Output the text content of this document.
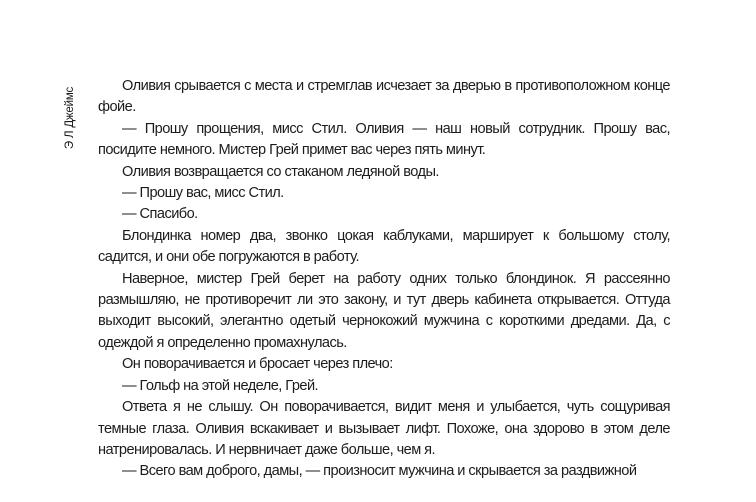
Э Л Джеймс

Оливия срывается с места и стремглав исчезает за дверью в противоположном конце фойе.

— Прошу прощения, мисс Стил. Оливия — наш новый сотрудник. Прошу вас, посидите немного. Мистер Грей примет вас через пять минут.

Оливия возвращается со стаканом ледяной воды.

— Прошу вас, мисс Стил.

— Спасибо.

Блондинка номер два, звонко цокая каблуками, марширует к большому столу, садится, и они обе погружаются в работу.

Наверное, мистер Грей берет на работу одних только блондинок. Я рассеянно размышляю, не противоречит ли это закону, и тут дверь кабинета открывается. Оттуда выходит высокий, элегантно одетый чернокожий мужчина с короткими дредами. Да, с одеждой я определенно промахнулась.

Он поворачивается и бросает через плечо:

— Гольф на этой неделе, Грей.

Ответа я не слышу. Он поворачивается, видит меня и улыбается, чуть сощуривая темные глаза. Оливия вскакивает и вызывает лифт. Похоже, она здорово в этом деле натренировалась. И нервничает даже больше, чем я.

— Всего вам доброго, дамы, — произносит мужчина и скрывается за раздвижной
